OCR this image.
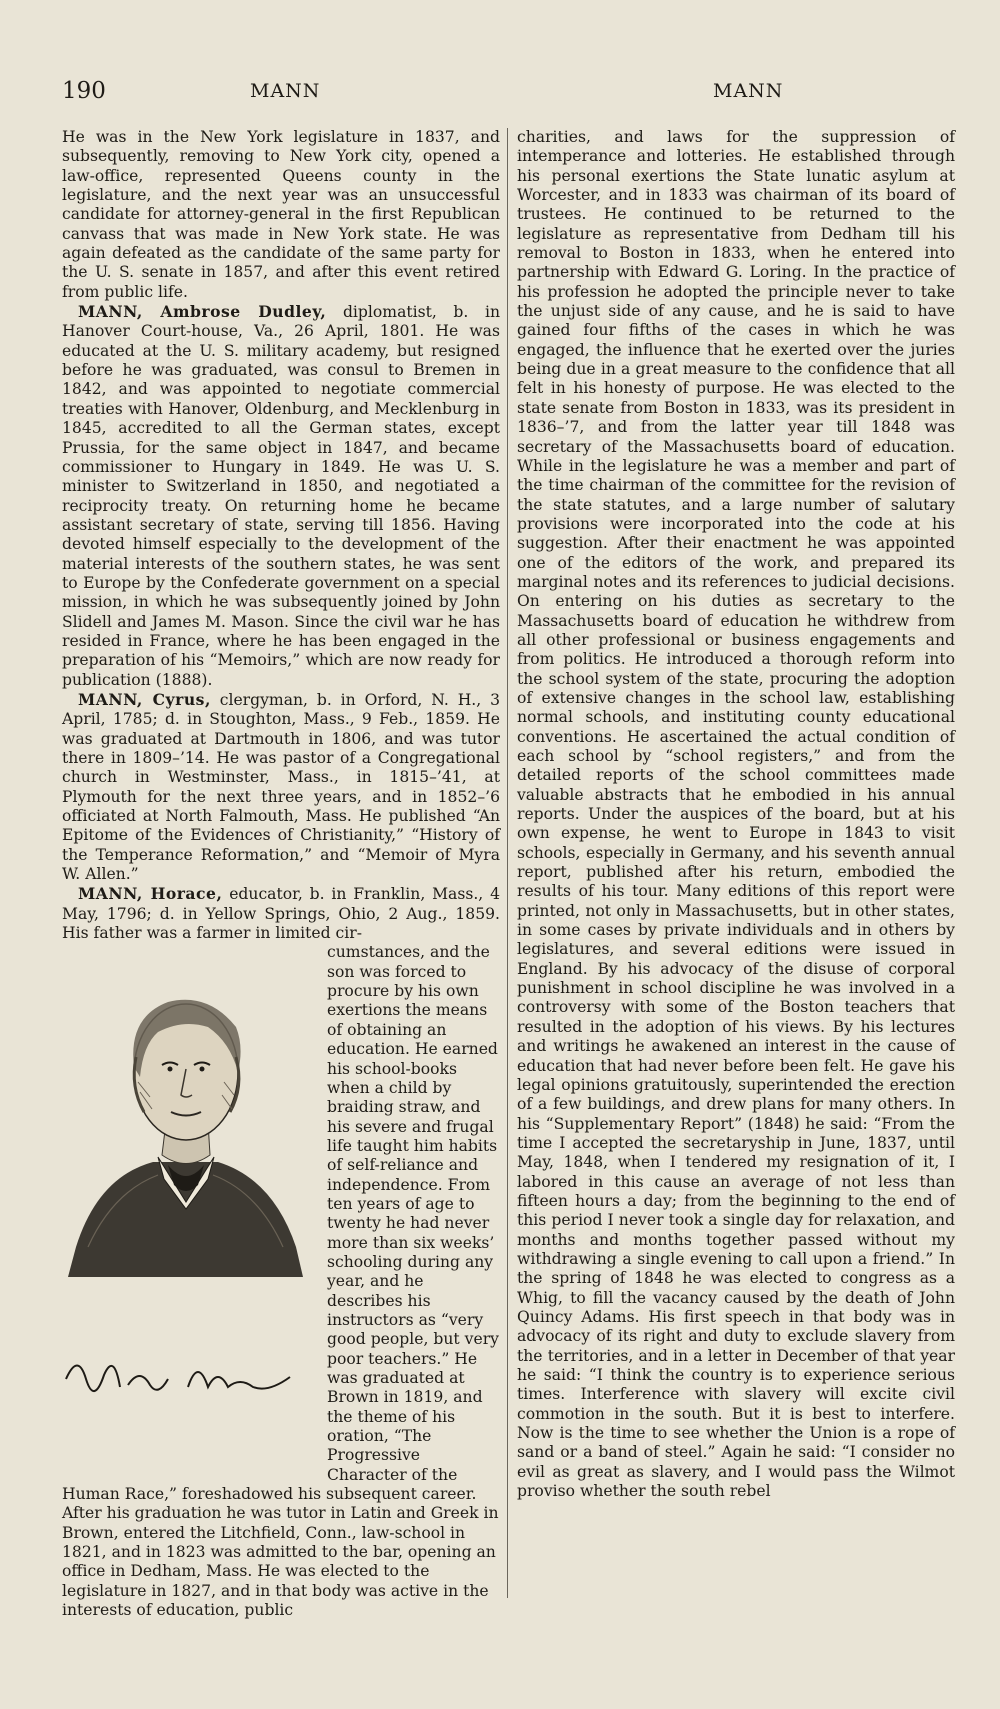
190	MANN	MANN

He was in the New York legislature in 1837, and subsequently, removing to New York city, opened a law-office, represented Queens county in the legislature, and the next year was an unsuccessful candidate for attorney-general in the first Republican canvass that was made in New York state. He was again defeated as the candidate of the same party for the U. S. senate in 1857, and after this event retired from public life.

MANN, Ambrose Dudley, diplomatist, b. in Hanover Court-house, Va., 26 April, 1801. He was educated at the U. S. military academy, but resigned before he was graduated, was consul to Bremen in 1842, and was appointed to negotiate commercial treaties with Hanover, Oldenburg, and Mecklenburg in 1845, accredited to all the German states, except Prussia, for the same object in 1847, and became commissioner to Hungary in 1849. He was U. S. minister to Switzerland in 1850, and negotiated a reciprocity treaty. On returning home he became assistant secretary of state, serving till 1856. Having devoted himself especially to the development of the material interests of the southern states, he was sent to Europe by the Confederate government on a special mission, in which he was subsequently joined by John Slidell and James M. Mason. Since the civil war he has resided in France, where he has been engaged in the preparation of his “Memoirs,” which are now ready for publication (1888).

MANN, Cyrus, clergyman, b. in Orford, N. H., 3 April, 1785; d. in Stoughton, Mass., 9 Feb., 1859. He was graduated at Dartmouth in 1806, and was tutor there in 1809–’14. He was pastor of a Congregational church in Westminster, Mass., in 1815–’41, at Plymouth for the next three years, and in 1852–’6 officiated at North Falmouth, Mass. He published “An Epitome of the Evidences of Christianity,” “History of the Temperance Reformation,” and “Memoir of Myra W. Allen.”

MANN, Horace, educator, b. in Franklin, Mass., 4 May, 1796; d. in Yellow Springs, Ohio, 2 Aug., 1859. His father was a farmer in limited cir-

cumstances, and the son was forced to procure by his own exertions the means of obtaining an education. He earned his school-books when a child by braiding straw, and his severe and frugal life taught him habits of self-reliance and independence. From ten years of age to twenty he had never more than six weeks’ schooling during any year, and he describes his instructors as “very good people, but very poor teachers.” He was graduated at Brown in 1819, and the theme of his oration, “The Progressive Character of the Human Race,” foreshadowed his subsequent career. After his graduation he was tutor in Latin and Greek in Brown, entered the Litchfield, Conn., law-school in 1821, and in 1823 was admitted to the bar, opening an office in Dedham, Mass. He was elected to the legislature in 1827, and in that body was active in the interests of education, public

charities, and laws for the suppression of intemperance and lotteries. He established through his personal exertions the State lunatic asylum at Worcester, and in 1833 was chairman of its board of trustees. He continued to be returned to the legislature as representative from Dedham till his removal to Boston in 1833, when he entered into partnership with Edward G. Loring. In the practice of his profession he adopted the principle never to take the unjust side of any cause, and he is said to have gained four fifths of the cases in which he was engaged, the influence that he exerted over the juries being due in a great measure to the confidence that all felt in his honesty of purpose. He was elected to the state senate from Boston in 1833, was its president in 1836–’7, and from the latter year till 1848 was secretary of the Massachusetts board of education. While in the legislature he was a member and part of the time chairman of the committee for the revision of the state statutes, and a large number of salutary provisions were incorporated into the code at his suggestion. After their enactment he was appointed one of the editors of the work, and prepared its marginal notes and its references to judicial decisions. On entering on his duties as secretary to the Massachusetts board of education he withdrew from all other professional or business engagements and from politics. He introduced a thorough reform into the school system of the state, procuring the adoption of extensive changes in the school law, establishing normal schools, and instituting county educational conventions. He ascertained the actual condition of each school by “school registers,” and from the detailed reports of the school committees made valuable abstracts that he embodied in his annual reports. Under the auspices of the board, but at his own expense, he went to Europe in 1843 to visit schools, especially in Germany, and his seventh annual report, published after his return, embodied the results of his tour. Many editions of this report were printed, not only in Massachusetts, but in other states, in some cases by private individuals and in others by legislatures, and several editions were issued in England. By his advocacy of the disuse of corporal punishment in school discipline he was involved in a controversy with some of the Boston teachers that resulted in the adoption of his views. By his lectures and writings he awakened an interest in the cause of education that had never before been felt. He gave his legal opinions gratuitously, superintended the erection of a few buildings, and drew plans for many others. In his “Supplementary Report” (1848) he said: “From the time I accepted the secretaryship in June, 1837, until May, 1848, when I tendered my resignation of it, I labored in this cause an average of not less than fifteen hours a day; from the beginning to the end of this period I never took a single day for relaxation, and months and months together passed without my withdrawing a single evening to call upon a friend.” In the spring of 1848 he was elected to congress as a Whig, to fill the vacancy caused by the death of John Quincy Adams. His first speech in that body was in advocacy of its right and duty to exclude slavery from the territories, and in a letter in December of that year he said: “I think the country is to experience serious times. Interference with slavery will excite civil commotion in the south. But it is best to interfere. Now is the time to see whether the Union is a rope of sand or a band of steel.” Again he said: “I consider no evil as great as slavery, and I would pass the Wilmot proviso whether the south rebel
